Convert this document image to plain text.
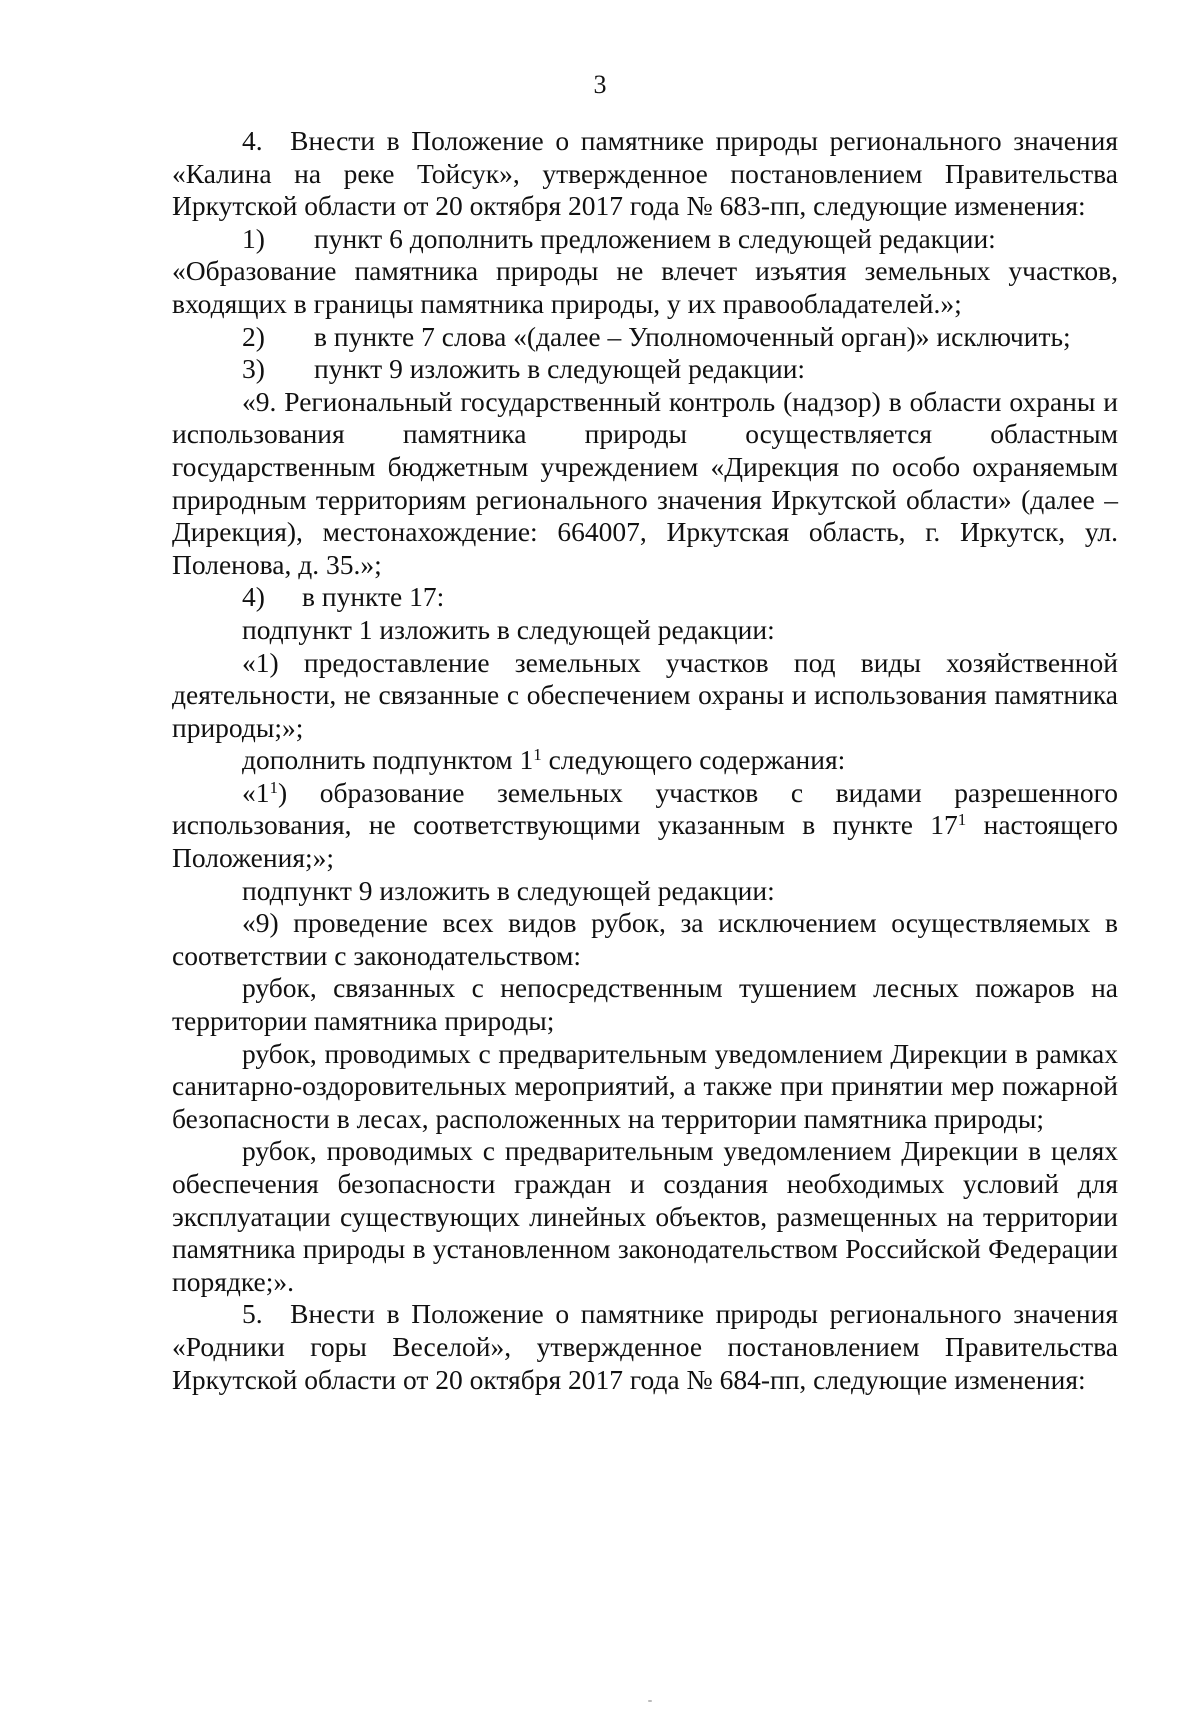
3

4. Внести в Положение о памятнике природы регионального значения «Калина на реке Тойсук», утвержденное постановлением Правительства Иркутской области от 20 октября 2017 года № 683-пп, следующие изменения:

1)	пункт 6 дополнить предложением в следующей редакции:

«Образование памятника природы не влечет изъятия земельных участков, входящих в границы памятника природы, у их правообладателей.»;

2)	в пункте 7 слова «(далее – Уполномоченный орган)» исключить;
3)	пункт 9 изложить в следующей редакции:

«9. Региональный государственный контроль (надзор) в области охраны и использования памятника природы осуществляется областным государственным бюджетным учреждением «Дирекция по особо охраняемым природным территориям регионального значения Иркутской области» (далее – Дирекция), местонахождение: 664007, Иркутская область, г. Иркутск, ул. Поленова, д. 35.»;

4)	в пункте 17:

подпункт 1 изложить в следующей редакции:

«1) предоставление земельных участков под виды хозяйственной деятельности, не связанные с обеспечением охраны и использования памятника природы;»;

дополнить подпунктом $1^1$ следующего содержания:

«$1^1$) образование земельных участков с видами разрешенного использования, не соответствующими указанным в пункте $17^1$ настоящего Положения;»;

подпункт 9 изложить в следующей редакции:

«9) проведение всех видов рубок, за исключением осуществляемых в соответствии с законодательством:

рубок, связанных с непосредственным тушением лесных пожаров на территории памятника природы;

рубок, проводимых с предварительным уведомлением Дирекции в рамках санитарно-оздоровительных мероприятий, а также при принятии мер пожарной безопасности в лесах, расположенных на территории памятника природы;

рубок, проводимых с предварительным уведомлением Дирекции в целях обеспечения безопасности граждан и создания необходимых условий для эксплуатации существующих линейных объектов, размещенных на территории памятника природы в установленном законодательством Российской Федерации порядке;».

5. Внести в Положение о памятнике природы регионального значения «Родники горы Веселой», утвержденное постановлением Правительства Иркутской области от 20 октября 2017 года № 684-пп, следующие изменения:
